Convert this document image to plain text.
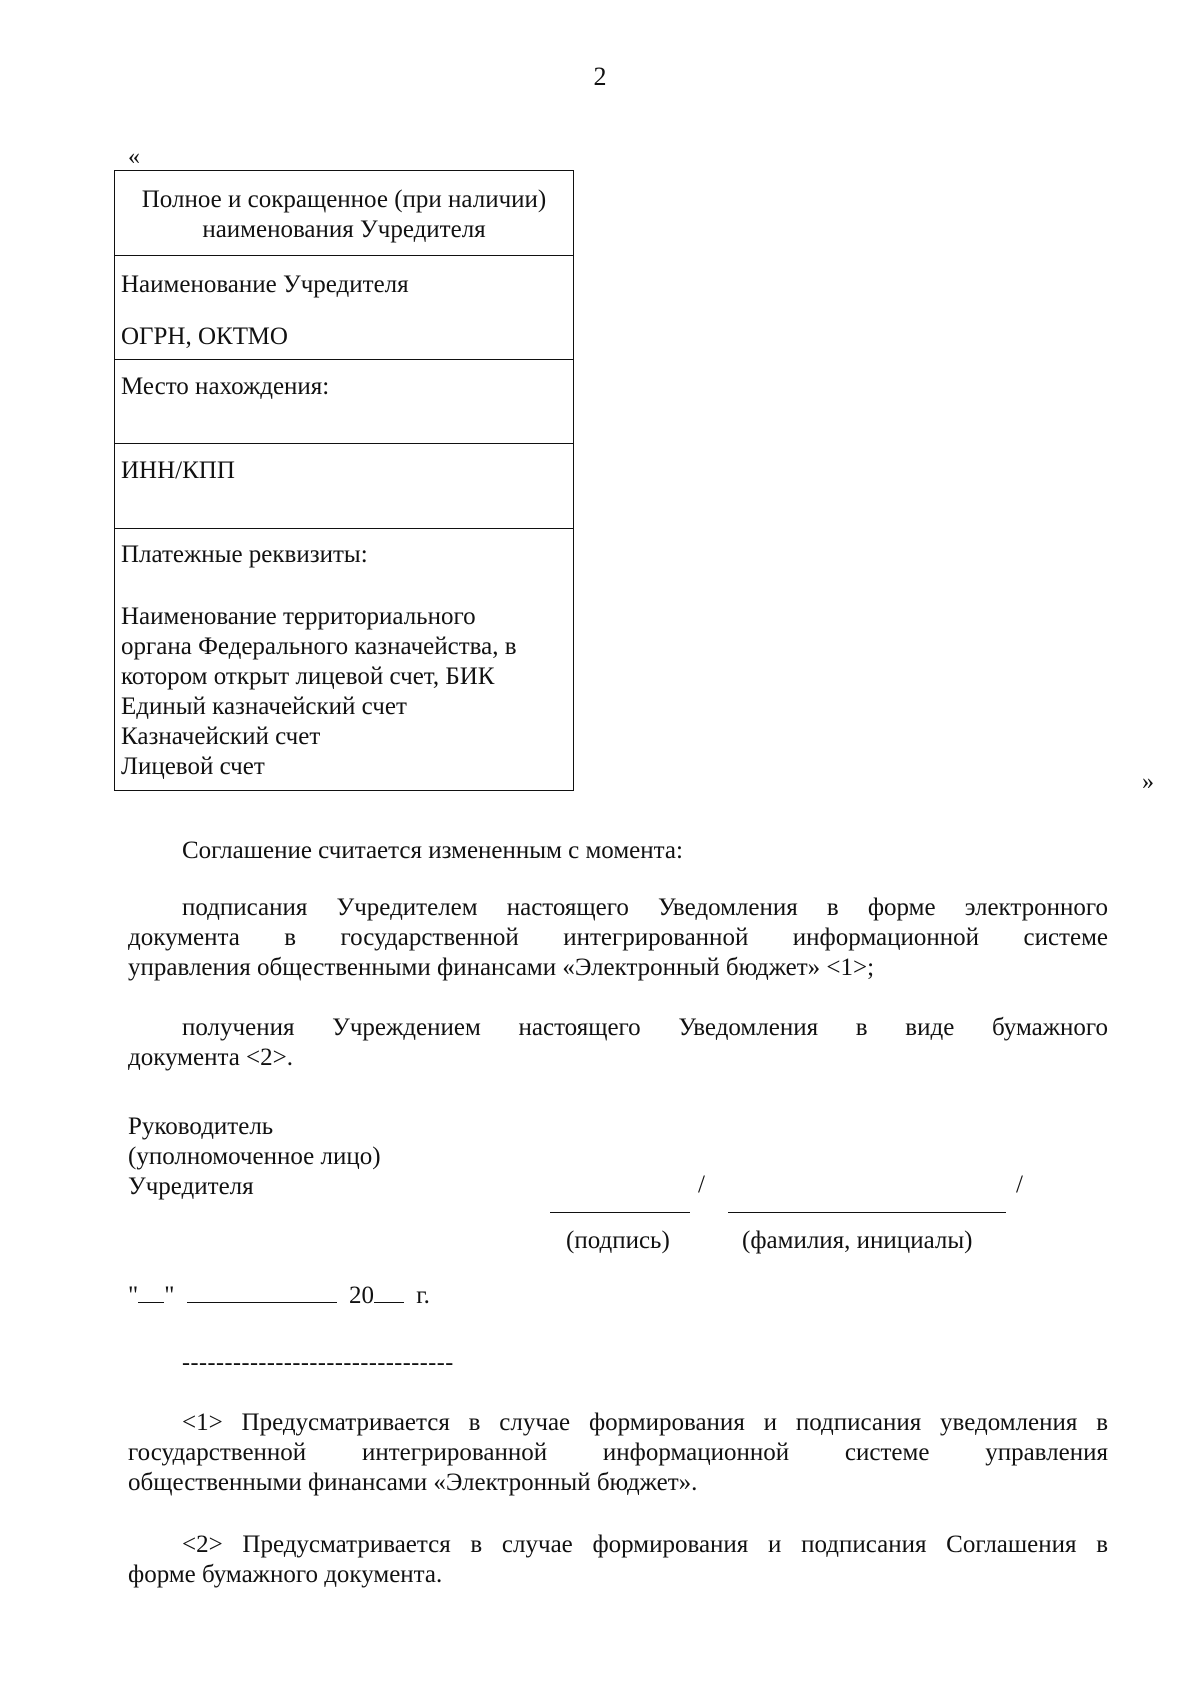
2
«
Полное и сокращенное (при наличии) наименования Учредителя
Наименование Учредителя
ОГРН, ОКТМО
Место нахождения:
ИНН/КПП
Платежные реквизиты:
Наименование территориального
органа Федерального казначейства, в
котором открыт лицевой счет, БИК
Единый казначейский счет
Казначейский счет
Лицевой счет
»
Соглашение считается измененным с момента:
подписания Учредителем настоящего Уведомления в форме электронного
документа в государственной интегрированной информационной системе
управления общественными финансами «Электронный бюджет» <1>;
получения Учреждением настоящего Уведомления в виде бумажного
документа <2>.
Руководитель
(уполномоченное лицо)
Учредителя	/	/
(подпись)	(фамилия, инициалы)
" "	20 г.
--------------------------------
<1> Предусматривается в случае формирования и подписания уведомления в
государственной интегрированной информационной системе управления
общественными финансами «Электронный бюджет».
<2> Предусматривается в случае формирования и подписания Соглашения в
форме бумажного документа.
